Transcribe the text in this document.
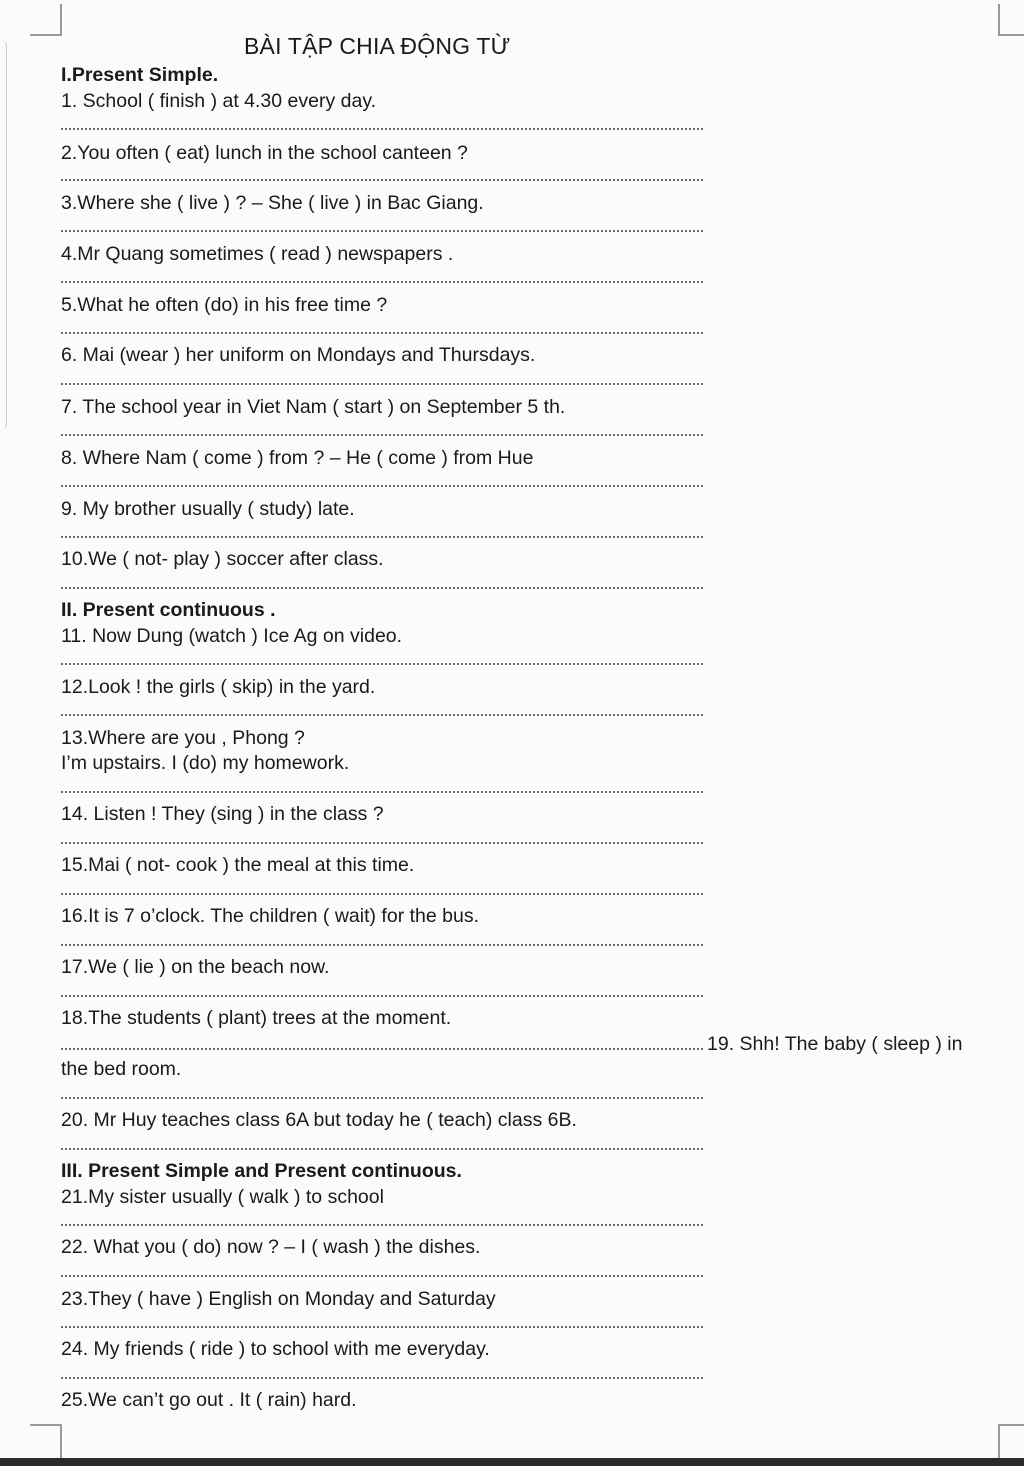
BÀI TẬP CHIA ĐỘNG TỪ
I.Present Simple.
1. School ( finish ) at 4.30 every day.
2.You often ( eat) lunch in the school canteen ?
3.Where she ( live ) ? – She ( live ) in Bac Giang.
4.Mr Quang sometimes ( read ) newspapers .
5.What he often (do) in his free time ?
6. Mai (wear ) her uniform on Mondays and Thursdays.
7. The school year in Viet Nam ( start ) on September 5 th.
8. Where Nam ( come ) from ? – He ( come ) from Hue
9. My brother usually ( study) late.
10.We ( not- play ) soccer after class.
II. Present continuous .
11. Now Dung (watch ) Ice Ag on video.
12.Look ! the girls ( skip) in the yard.
13.Where are you , Phong ?
I’m upstairs. I (do) my homework.
14. Listen ! They (sing ) in the class ?
15.Mai ( not- cook ) the meal at this time.
16.It is 7 o’clock. The children ( wait) for the bus.
17.We ( lie ) on the beach now.
18.The students ( plant) trees at the moment.
19. Shh! The baby ( sleep ) in
the bed room.
20. Mr Huy teaches class 6A but today he ( teach) class 6B.
III. Present Simple and Present continuous.
21.My sister usually ( walk ) to school
22. What you ( do) now ? – I ( wash ) the dishes.
23.They ( have ) English on Monday and Saturday
24. My friends ( ride ) to school with me everyday.
25.We can’t go out . It ( rain) hard.
